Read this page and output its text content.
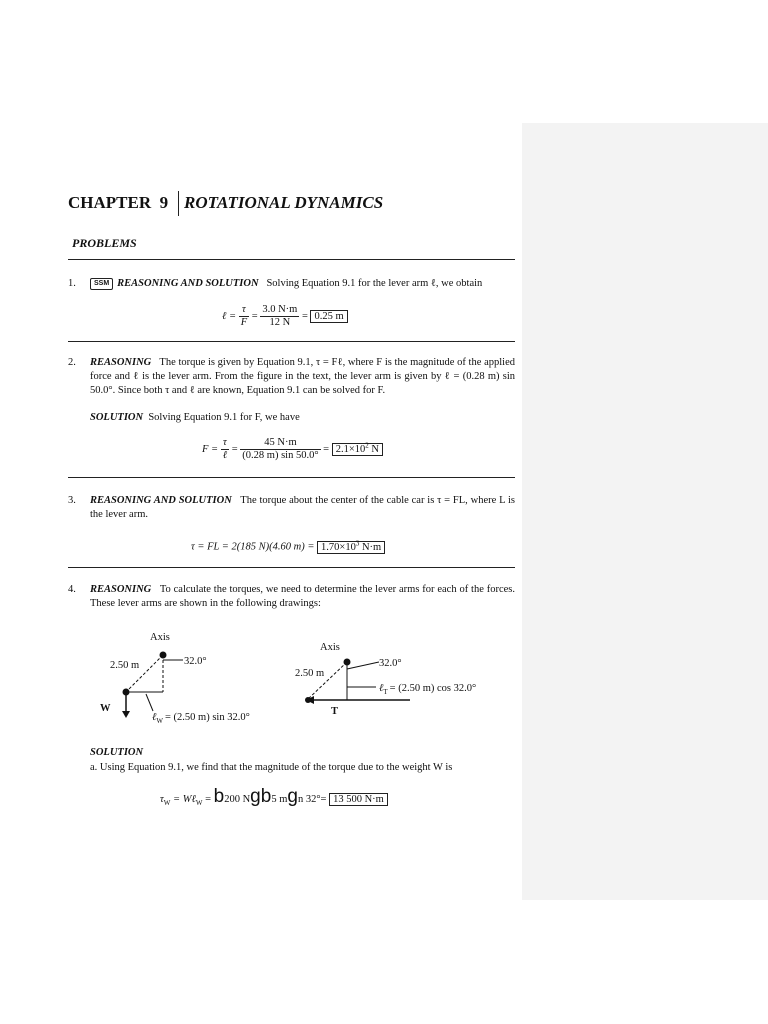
CHAPTER 9 ROTATIONAL DYNAMICS
PROBLEMS
1.	SSM REASONING AND SOLUTION Solving Equation 9.1 for the lever arm ℓ, we obtain
ℓ = $\frac{\tau}{F} = \frac{3.0 N\cdot m}{12 N} = 0.25$ m
2. REASONING The torque is given by Equation 9.1, τ = Fℓ, where F is the magnitude of the applied force and ℓ is the lever arm. From the figure in the text, the lever arm is given by ℓ = (0.28 m) sin 50.0°. Since both τ and ℓ are known, Equation 9.1 can be solved for F.
SOLUTION Solving Equation 9.1 for F, we have
$F = \frac{\tau}{\text{ℓ}} = \frac{45 N\cdot m}{(0.28 m) \sin 50.0^\circ} = 2.1\times 10^2$ N
3. REASONING AND SOLUTION The torque about the center of the cable car is τ = FL, where L is the lever arm.
τ = FL = 2(185 N)(4.60 $m) = 1.70\times 10^3$ N·m
4. REASONING To calculate the torques, we need to determine the lever arms for each of the forces. These lever arms are shown in the following drawings:
Axis
32.0°
2.50 m
W
ℓ$_W$ = (2.50 m) sin 32.0°
Axis
32.0°
2.50 m
ℓ$_T$ = (2.50 m) cos 32.0°
T
SOLUTION
a. Using Equation 9.1, we find that the magnitude of the torque due to the weight W is
$\tau_W$ = Wℓ$_W$ = b200 Ngb5 mgn 32°= 13 500 N·m
